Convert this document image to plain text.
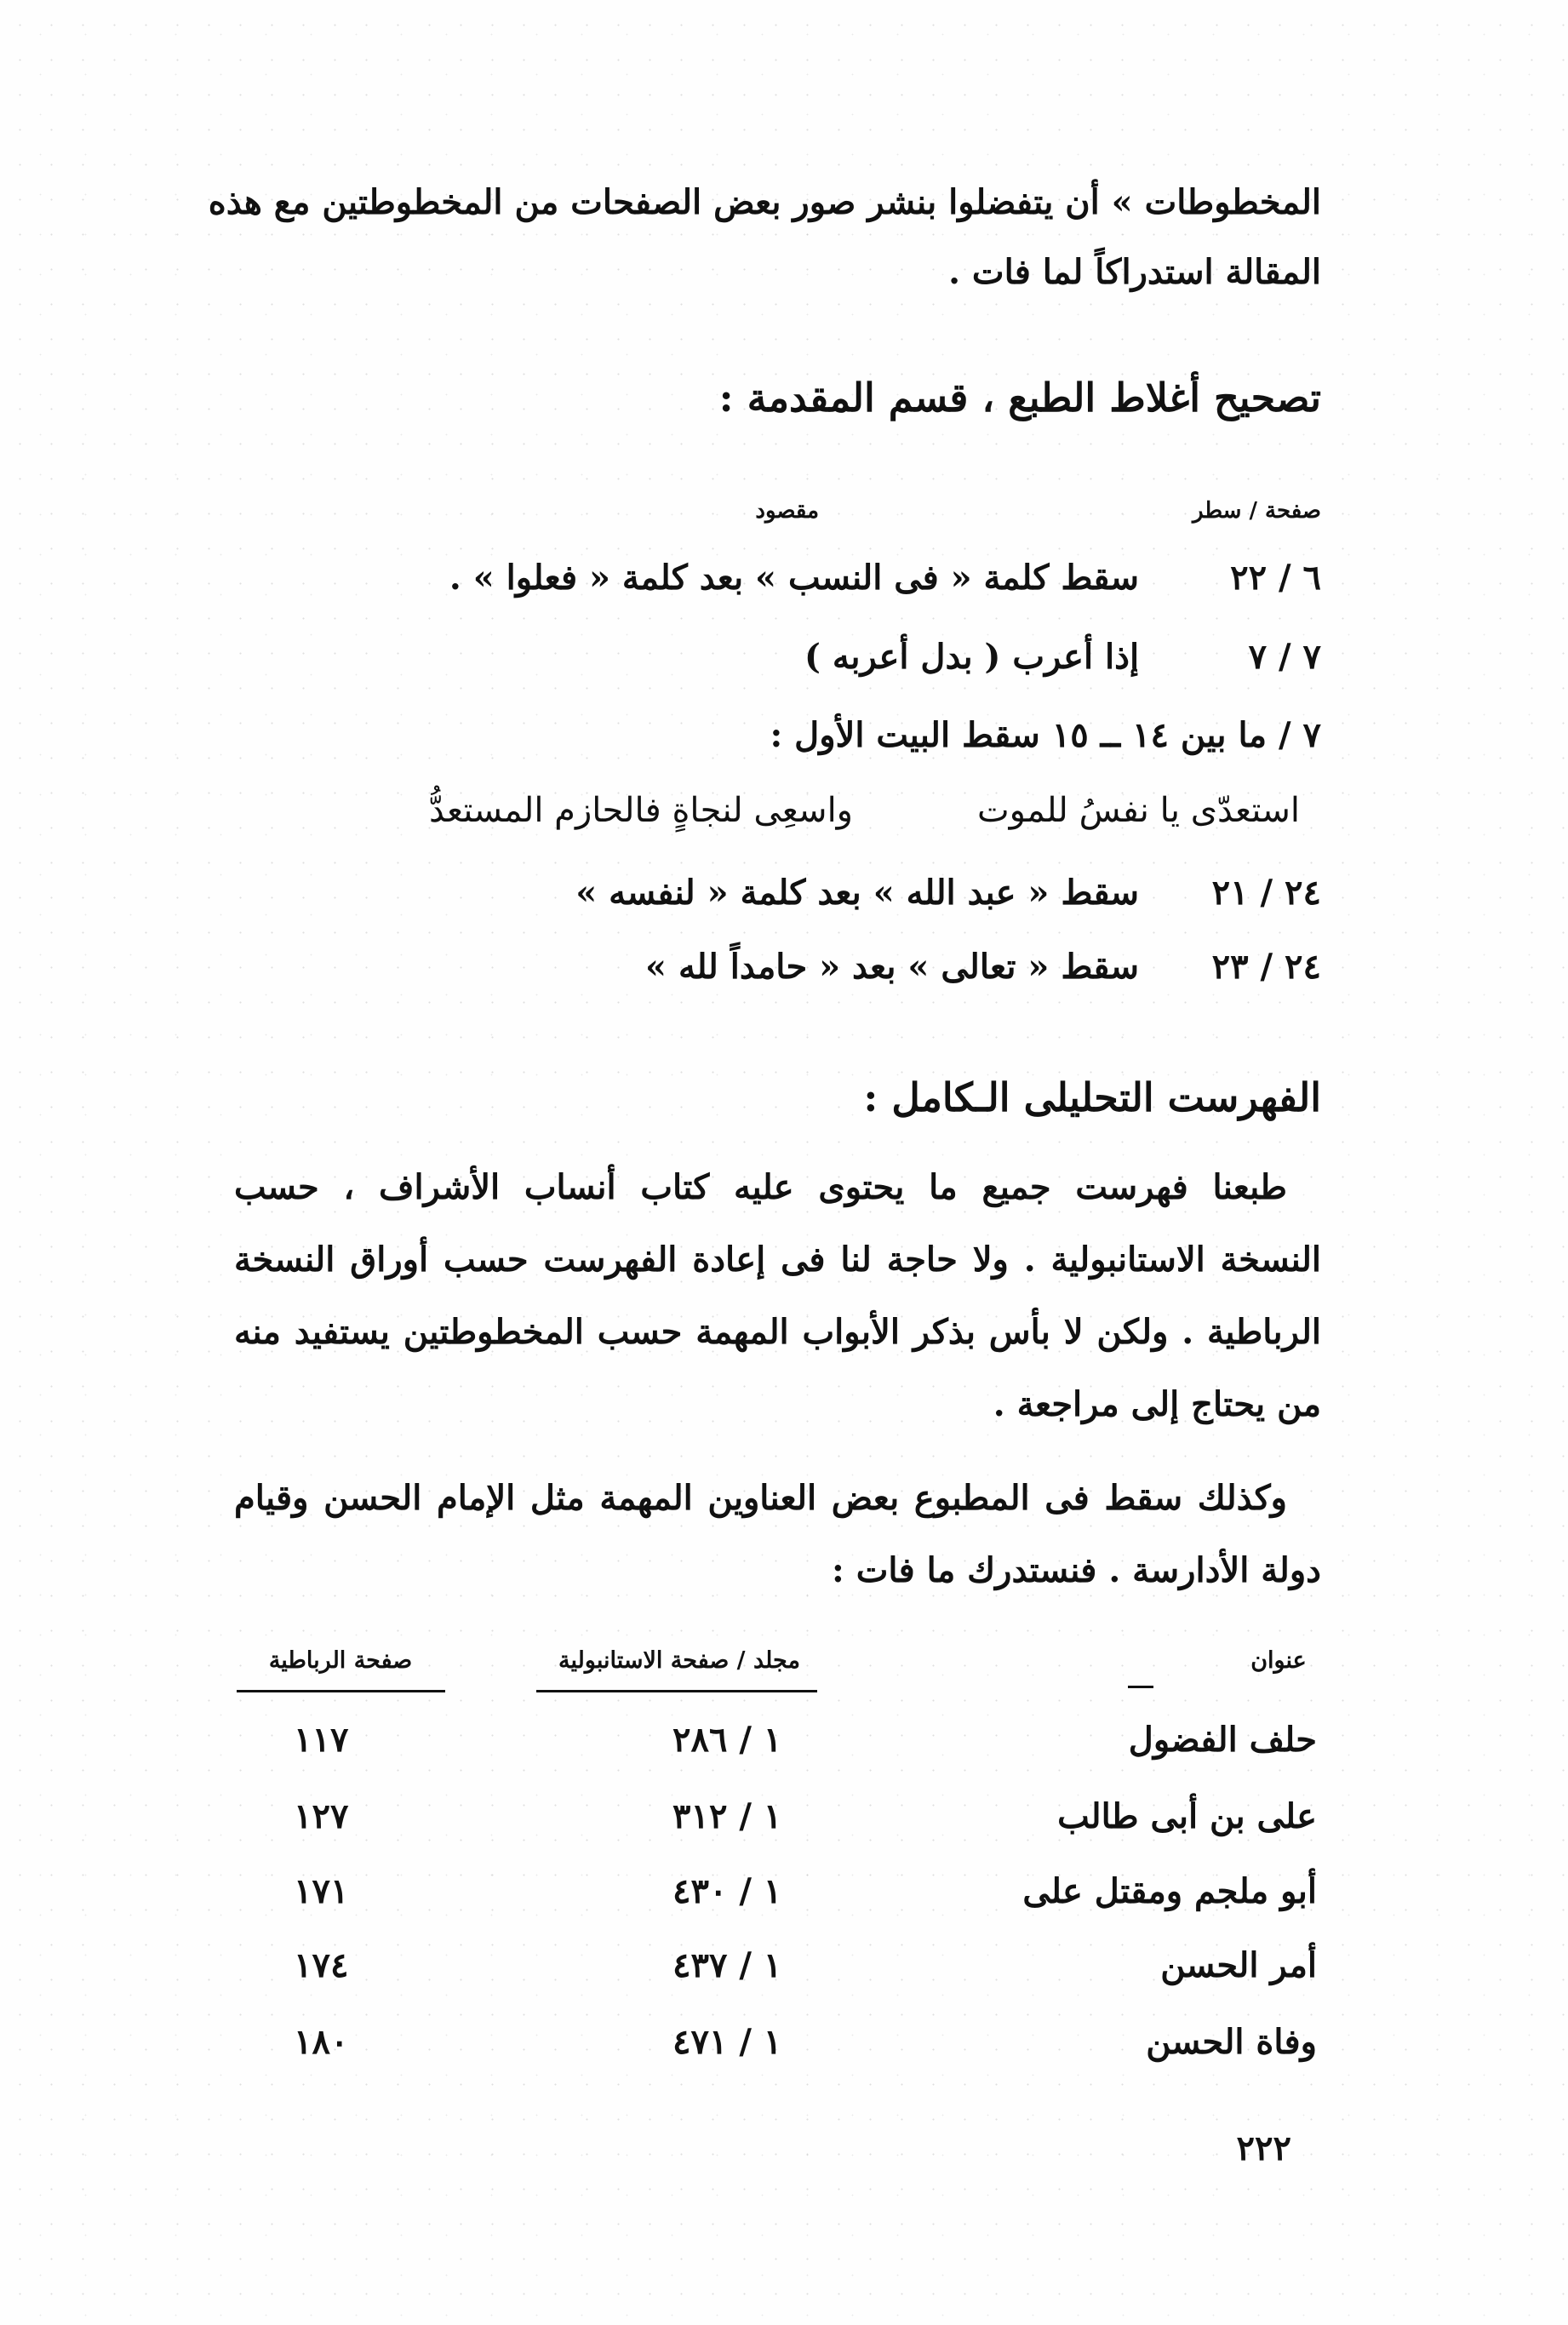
المخطوطات » أن يتفضلوا بنشر صور بعض الصفحات من المخطوطتين مع هذه
المقالة استدراكاً لما فات .
تصحيح أغلاط الطبع ، قسم المقدمة :
صفحة / سطر
مقصود
٦ / ٢٢ سقط كلمة « فى النسب » بعد كلمة « فعلوا » .
٧ / ٧ إذا أعرب ( بدل أعربه )
٧ / ما بين ١٤ ــ ١٥ سقط البيت الأول :
استعدّى يا نفسُ للموت
واسعِى لنجاةٍ فالحازم المستعدُّ
٢٤ / ٢١ سقط « عبد الله » بعد كلمة « لنفسه »
٢٤ / ٢٣ سقط « تعالى » بعد « حامداً لله »
الفهرست التحليلى الـكامل :
طبعنا فهرست جميع ما يحتوى عليه كتاب أنساب الأشراف ، حسب
النسخة الاستانبولية . ولا حاجة لنا فى إعادة الفهرست حسب أوراق النسخة
الرباطية . ولكن لا بأس بذكر الأبواب المهمة حسب المخطوطتين يستفيد منه
من يحتاج إلى مراجعة .
وكذلك سقط فى المطبوع بعض العناوين المهمة مثل الإمام الحسن وقيام
دولة الأدارسة . فنستدرك ما فات :
عنوان
مجلد / صفحة الاستانبولية
صفحة الرباطية
حلف الفضول
١ / ٢٨٦
١١٧
على بن أبى طالب
١ / ٣١٢
١٢٧
أبو ملجم ومقتل على
١ / ٤٣٠
١٧١
أمر الحسن
١ / ٤٣٧
١٧٤
وفاة الحسن
١ / ٤٧١
١٨٠
٢٢٢
